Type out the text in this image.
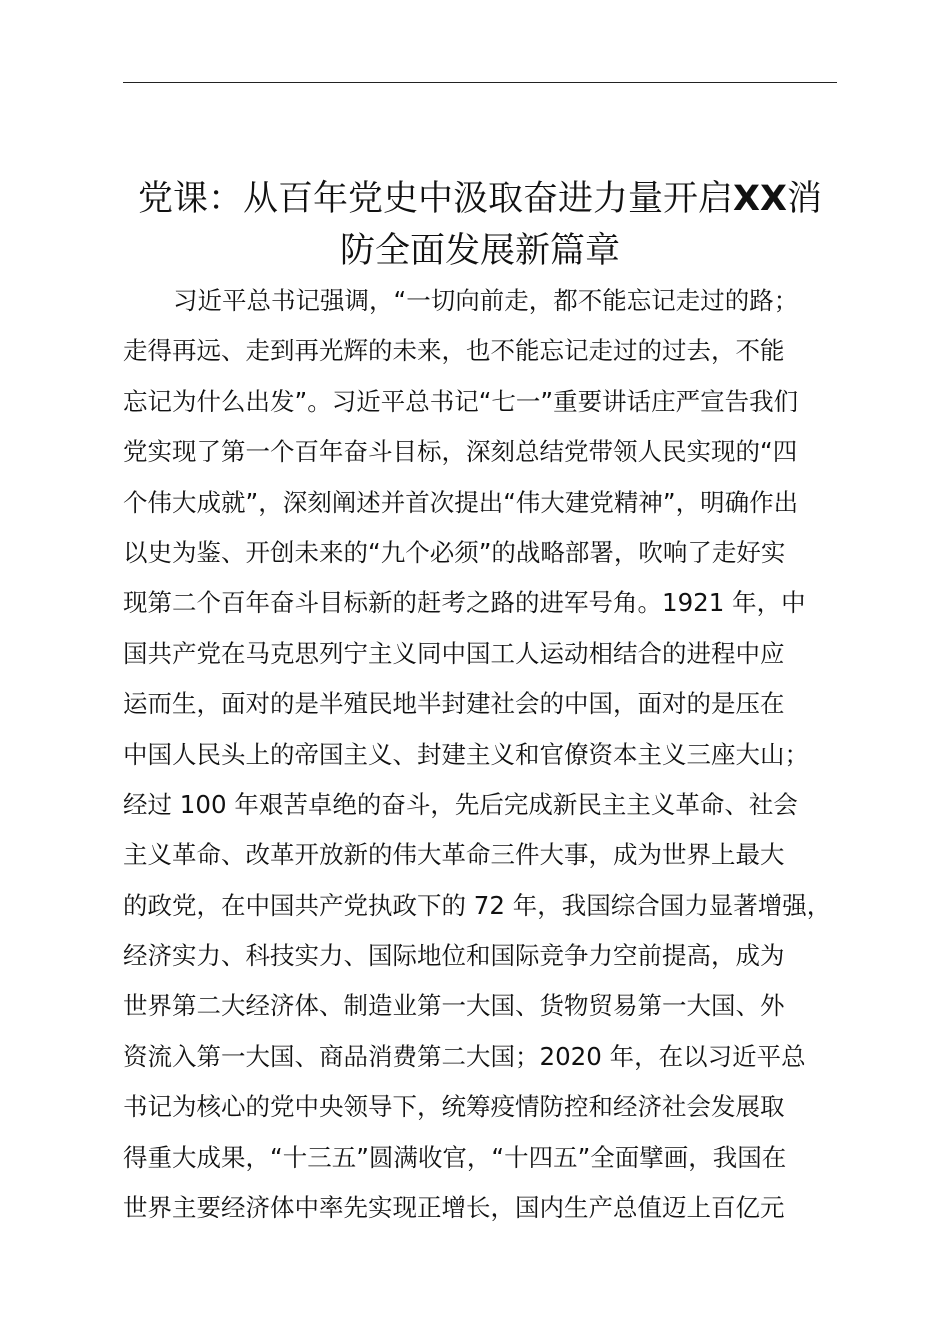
党课：从百年党史中汲取奋进力量开启XX消
防全面发展新篇章
习近平总书记强调，“一切向前走，都不能忘记走过的路；
走得再远、走到再光辉的未来，也不能忘记走过的过去，不能
忘记为什么出发”。习近平总书记“七一”重要讲话庄严宣告我们
党实现了第一个百年奋斗目标，深刻总结党带领人民实现的“四
个伟大成就”，深刻阐述并首次提出“伟大建党精神”，明确作出
以史为鉴、开创未来的“九个必须”的战略部署，吹响了走好实
现第二个百年奋斗目标新的赶考之路的进军号角。1921 年，中
国共产党在马克思列宁主义同中国工人运动相结合的进程中应
运而生，面对的是半殖民地半封建社会的中国，面对的是压在
中国人民头上的帝国主义、封建主义和官僚资本主义三座大山；
经过 100 年艰苦卓绝的奋斗，先后完成新民主主义革命、社会
主义革命、改革开放新的伟大革命三件大事，成为世界上最大
的政党，在中国共产党执政下的 72 年，我国综合国力显著增强，
经济实力、科技实力、国际地位和国际竞争力空前提高，成为
世界第二大经济体、制造业第一大国、货物贸易第一大国、外
资流入第一大国、商品消费第二大国；2020 年，在以习近平总
书记为核心的党中央领导下，统筹疫情防控和经济社会发展取
得重大成果，“十三五”圆满收官，“十四五”全面擘画，我国在
世界主要经济体中率先实现正增长，国内生产总值迈上百亿元
